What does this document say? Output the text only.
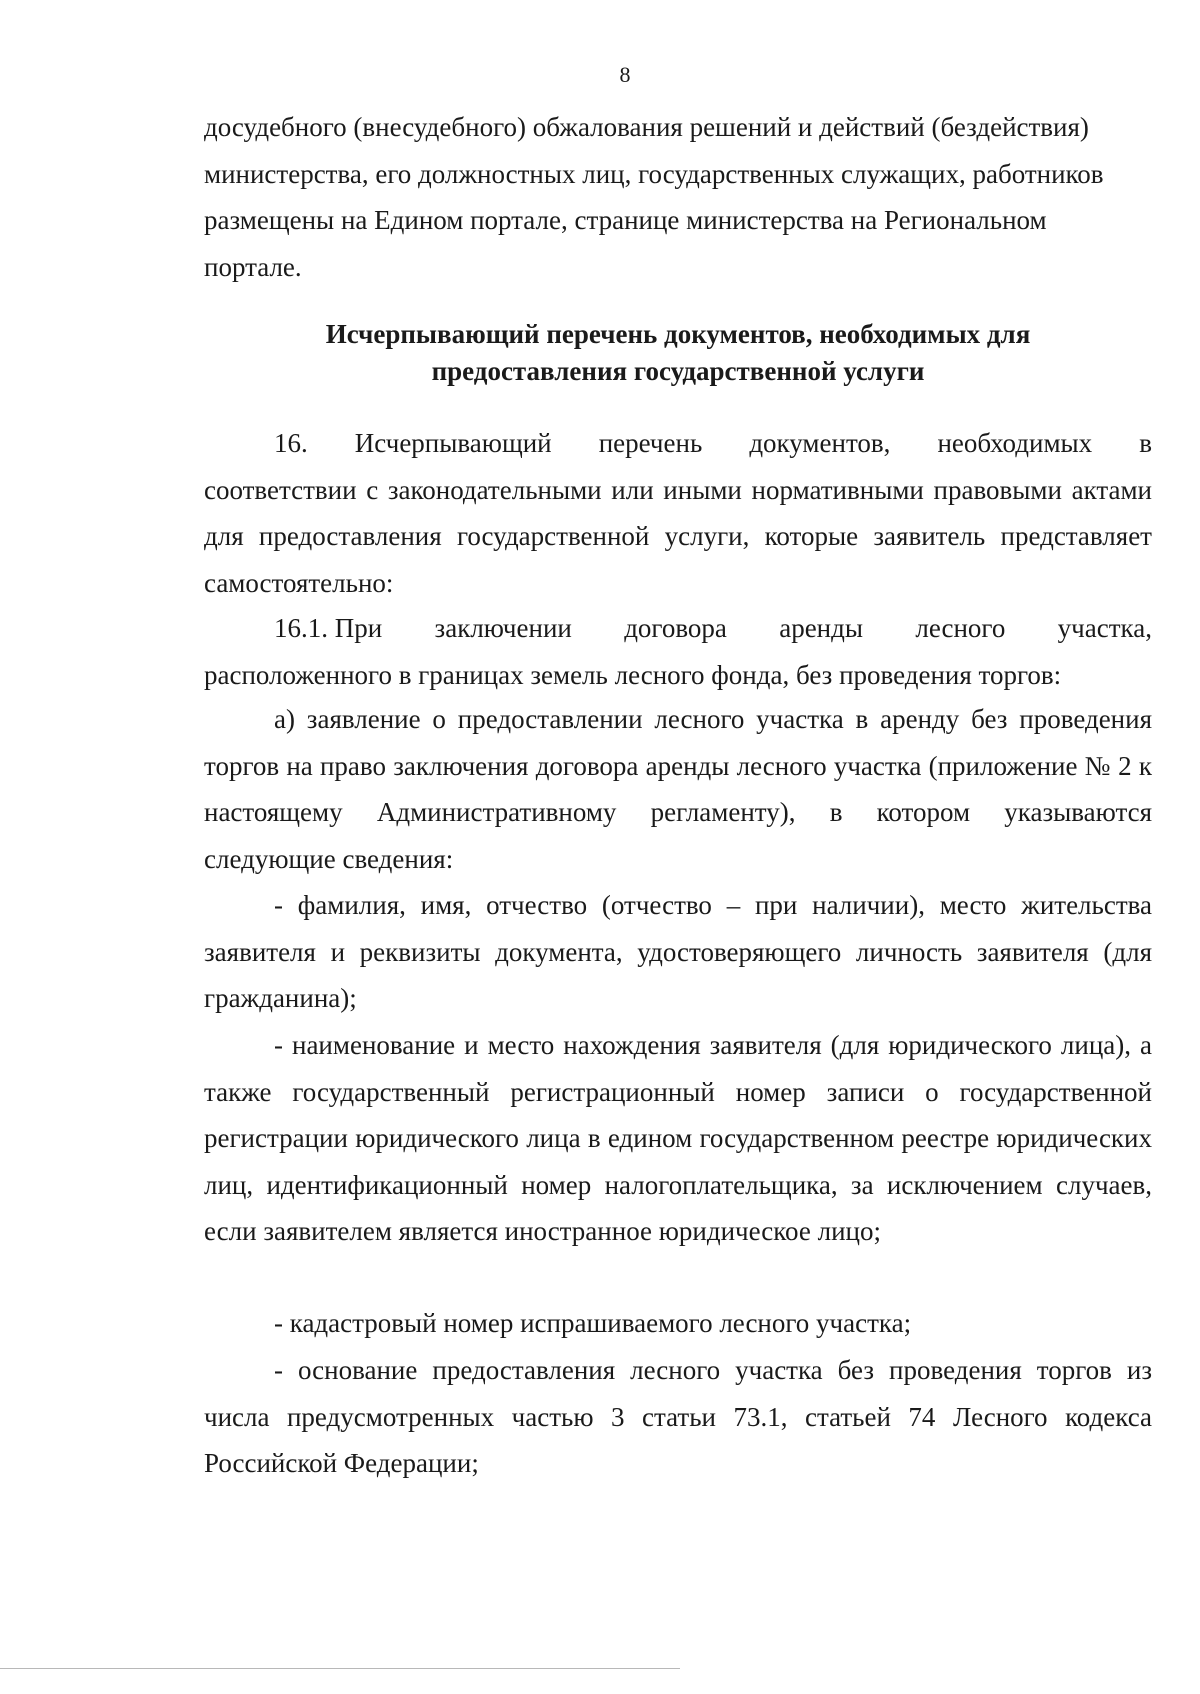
8
досудебного (внесудебного) обжалования решений и действий (бездействия)
министерства, его должностных лиц, государственных служащих, работников
размещены на Едином портале, странице министерства на Региональном
портале.
Исчерпывающий перечень документов, необходимых для
предоставления государственной услуги
16. Исчерпывающий перечень документов, необходимых в

соответствии с законодательными или иными нормативными правовыми актами для предоставления государственной услуги, которые заявитель представляет самостоятельно:

16.1. При заключении договора аренды лесного участка,

расположенного в границах земель лесного фонда, без проведения торгов:

а) заявление о предоставлении лесного участка в аренду без проведения торгов на право заключения договора аренды лесного участка (приложение № 2 к настоящему Административному регламенту), в котором указываются следующие сведения:

- фамилия, имя, отчество (отчество – при наличии), место жительства заявителя и реквизиты документа, удостоверяющего личность заявителя (для гражданина);

- наименование и место нахождения заявителя (для юридического лица), а также государственный регистрационный номер записи о государственной регистрации юридического лица в едином государственном реестре юридических лиц, идентификационный номер налогоплательщика, за исключением случаев, если заявителем является иностранное юридическое лицо;

- кадастровый номер испрашиваемого лесного участка;

- основание предоставления лесного участка без проведения торгов из числа предусмотренных частью 3 статьи 73.1, статьей 74 Лесного кодекса Российской Федерации;
